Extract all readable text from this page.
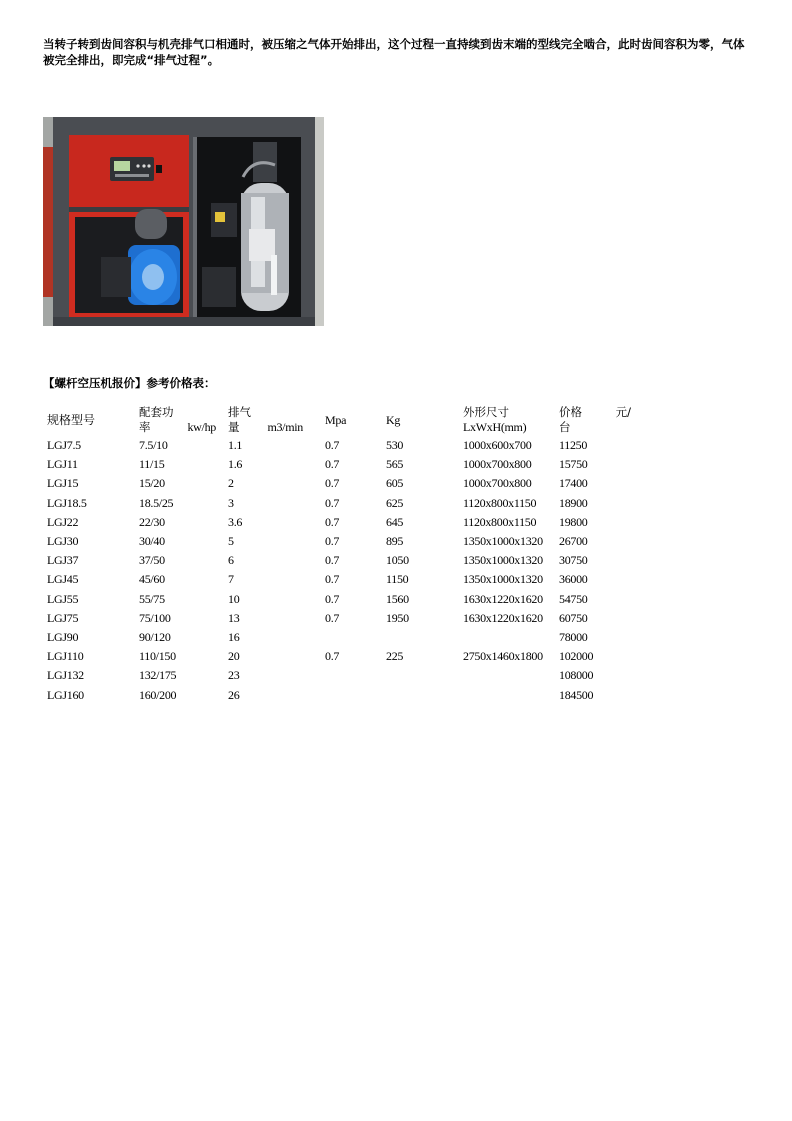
当转子转到齿间容积与机壳排气口相通时，被压缩之气体开始排出，这个过程一直持续到齿末端的型线完全啮合，此时齿间容积为零，气体被完全排出，即完成“排气过程”。
【螺杆空压机报价】参考价格表：
规格型号	配套功
率 kw/hp	排气
量 m3/min	Mpa	Kg	外形尺寸
LxWxH(mm)	价格 元/
台

LGJ7.5	7.5/10	1.1	0.7	530	1000x600x700	11250
LGJ11	11/15	1.6	0.7	565	1000x700x800	15750
LGJ15	15/20	2	0.7	605	1000x700x800	17400
LGJ18.5	18.5/25	3	0.7	625	1120x800x1150	18900
LGJ22	22/30	3.6	0.7	645	1120x800x1150	19800
LGJ30	30/40	5	0.7	895	1350x1000x1320	26700
LGJ37	37/50	6	0.7	1050	1350x1000x1320	30750
LGJ45	45/60	7	0.7	1150	1350x1000x1320	36000
LGJ55	55/75	10	0.7	1560	1630x1220x1620	54750
LGJ75	75/100	13	0.7	1950	1630x1220x1620	60750
LGJ90	90/120	16				78000
LGJ110	110/150	20	0.7	225	2750x1460x1800	102000
LGJ132	132/175	23				108000
LGJ160	160/200	26				184500
